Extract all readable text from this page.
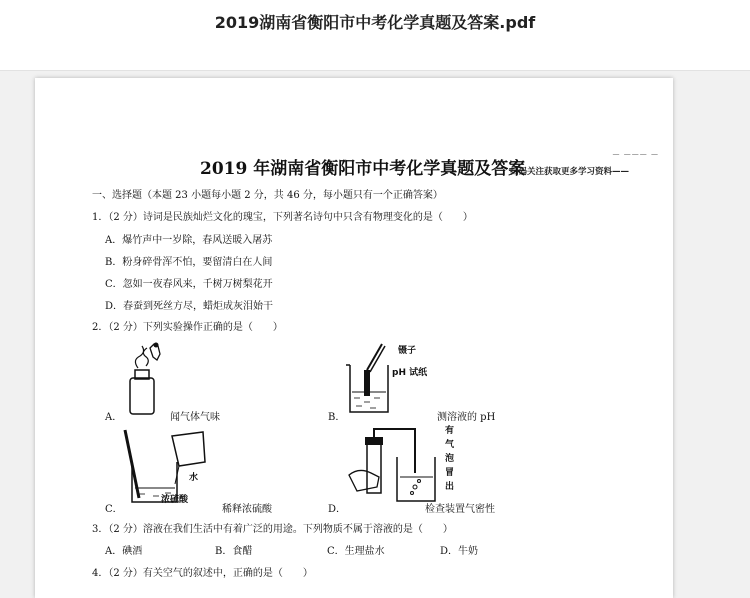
2019湖南省衡阳市中考化学真题及答案.pdf
— ——— —
2019 年湖南省衡阳市中考化学真题及答案
扫码关注获取更多学习资料——
一、选择题（本题 23 小题每小题 2 分，共 46 分，每小题只有一个正确答案）
1．（2 分）诗词是民族灿烂文化的瑰宝，下列著名诗句中只含有物理变化的是（　　）
A．爆竹声中一岁除，春风送暖入屠苏
B．粉身碎骨浑不怕，要留清白在人间
C．忽如一夜春风来，千树万树梨花开
D．春蚕到死丝方尽，蜡炬成灰泪始干
2．（2 分）下列实验操作正确的是（　　）
A．	闻气体气味
镊子
pH 试纸
B．	测溶液的 pH
水
浓硫酸
C．	稀释浓硫酸
有
气
泡
冒
出
D．	检查装置气密性
3．（2 分）溶液在我们生活中有着广泛的用途。下列物质不属于溶液的是（　　）
A．碘酒	B．食醋	C．生理盐水	D．牛奶
4．（2 分）有关空气的叙述中，正确的是（　　）
